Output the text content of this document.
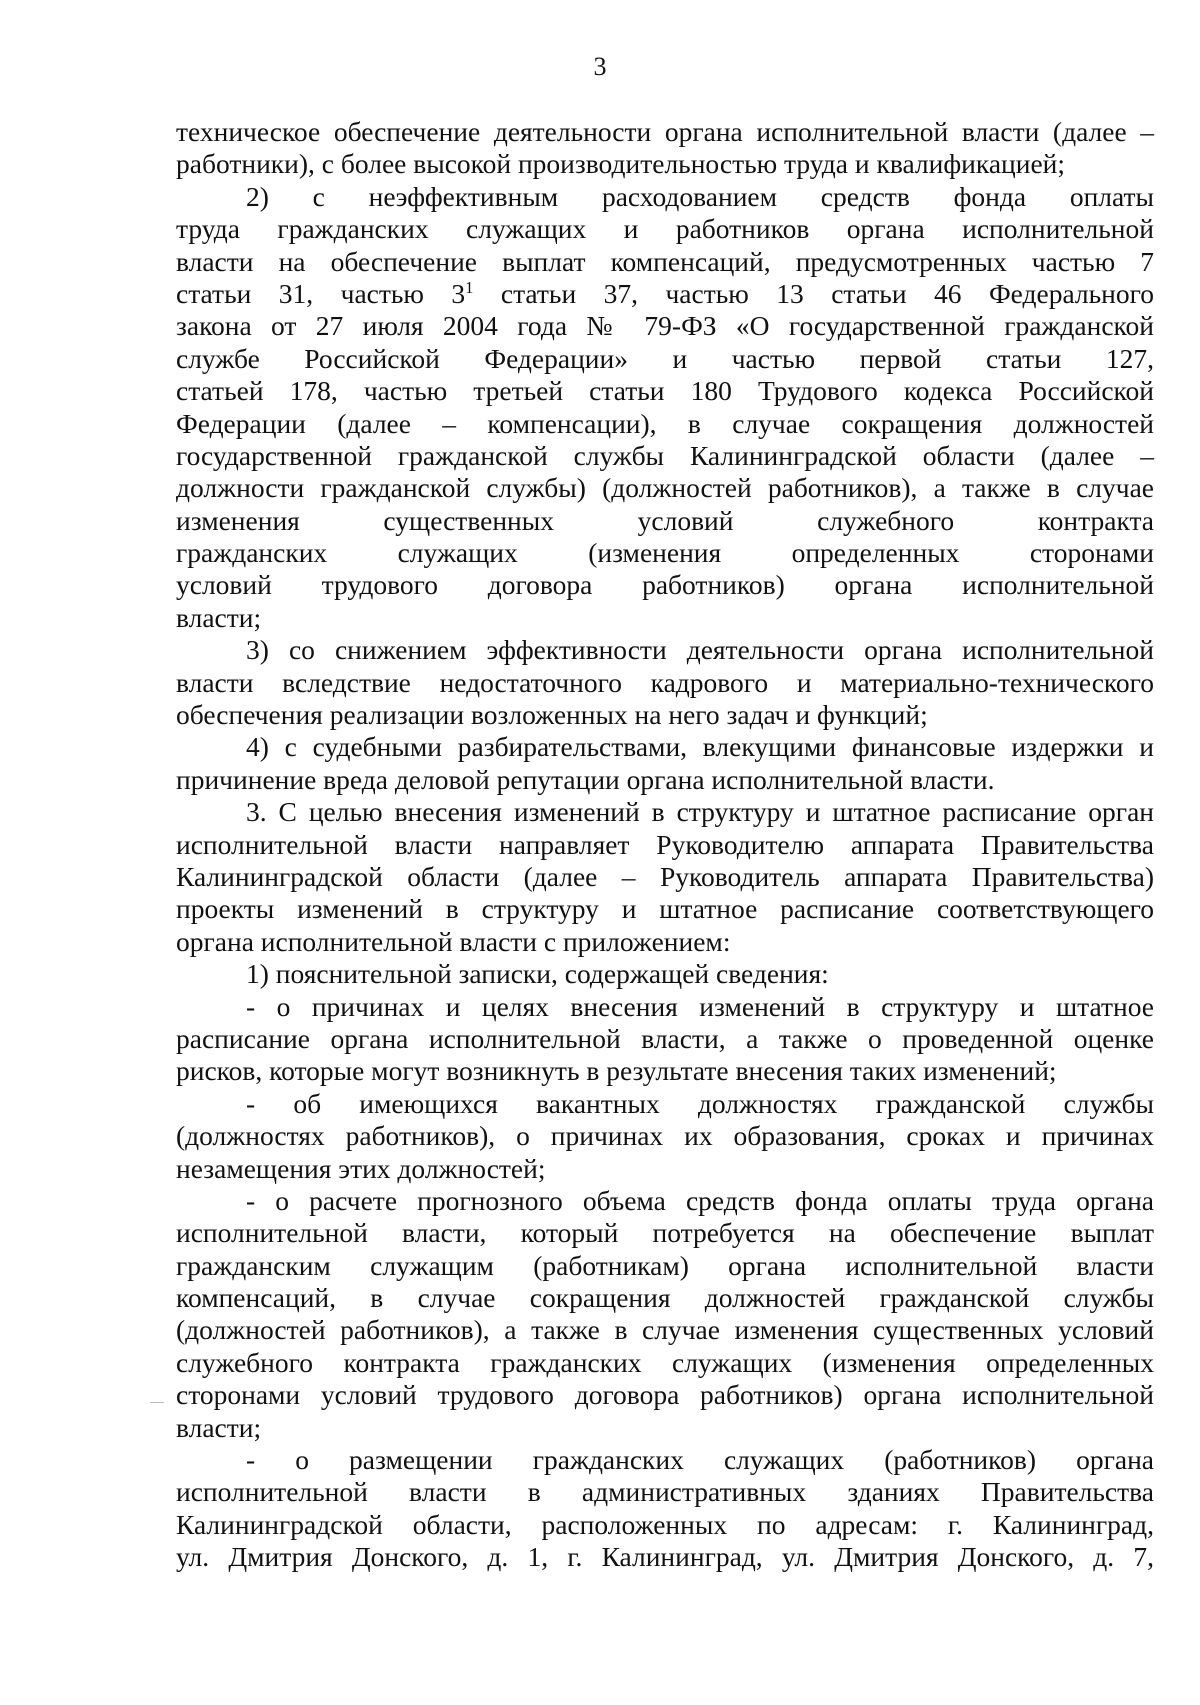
3
техническое обеспечение деятельности органа исполнительной власти (далее –
работники), с более высокой производительностью труда и квалификацией;
2) с неэффективным расходованием средств фонда оплаты
труда гражданских служащих и работников органа исполнительной
власти на обеспечение выплат компенсаций, предусмотренных частью 7
статьи 31, частью $3^1$ статьи 37, частью 13 статьи 46 Федерального
закона от 27 июля 2004 года № 79-ФЗ «О государственной гражданской
службе Российской Федерации» и частью первой статьи 127,
статьей 178, частью третьей статьи 180 Трудового кодекса Российской
Федерации (далее – компенсации), в случае сокращения должностей
государственной гражданской службы Калининградской области (далее –
должности гражданской службы) (должностей работников), а также в случае
изменения существенных условий служебного контракта
гражданских служащих (изменения определенных сторонами
условий трудового договора работников) органа исполнительной
власти;
3) со снижением эффективности деятельности органа исполнительной
власти вследствие недостаточного кадрового и материально-технического
обеспечения реализации возложенных на него задач и функций;
4) с судебными разбирательствами, влекущими финансовые издержки и
причинение вреда деловой репутации органа исполнительной власти.
3. С целью внесения изменений в структуру и штатное расписание орган
исполнительной власти направляет Руководителю аппарата Правительства
Калининградской области (далее – Руководитель аппарата Правительства)
проекты изменений в структуру и штатное расписание соответствующего
органа исполнительной власти с приложением:
1) пояснительной записки, содержащей сведения:
- о причинах и целях внесения изменений в структуру и штатное
расписание органа исполнительной власти, а также о проведенной оценке
рисков, которые могут возникнуть в результате внесения таких изменений;
- об имеющихся вакантных должностях гражданской службы
(должностях работников), о причинах их образования, сроках и причинах
незамещения этих должностей;
- о расчете прогнозного объема средств фонда оплаты труда органа
исполнительной власти, который потребуется на обеспечение выплат
гражданским служащим (работникам) органа исполнительной власти
компенсаций, в случае сокращения должностей гражданской службы
(должностей работников), а также в случае изменения существенных условий
служебного контракта гражданских служащих (изменения определенных
сторонами условий трудового договора работников) органа исполнительной
власти;
- о размещении гражданских служащих (работников) органа
исполнительной власти в административных зданиях Правительства
Калининградской области, расположенных по адресам: г. Калининград,
ул. Дмитрия Донского, д. 1, г. Калининград, ул. Дмитрия Донского, д. 7,
